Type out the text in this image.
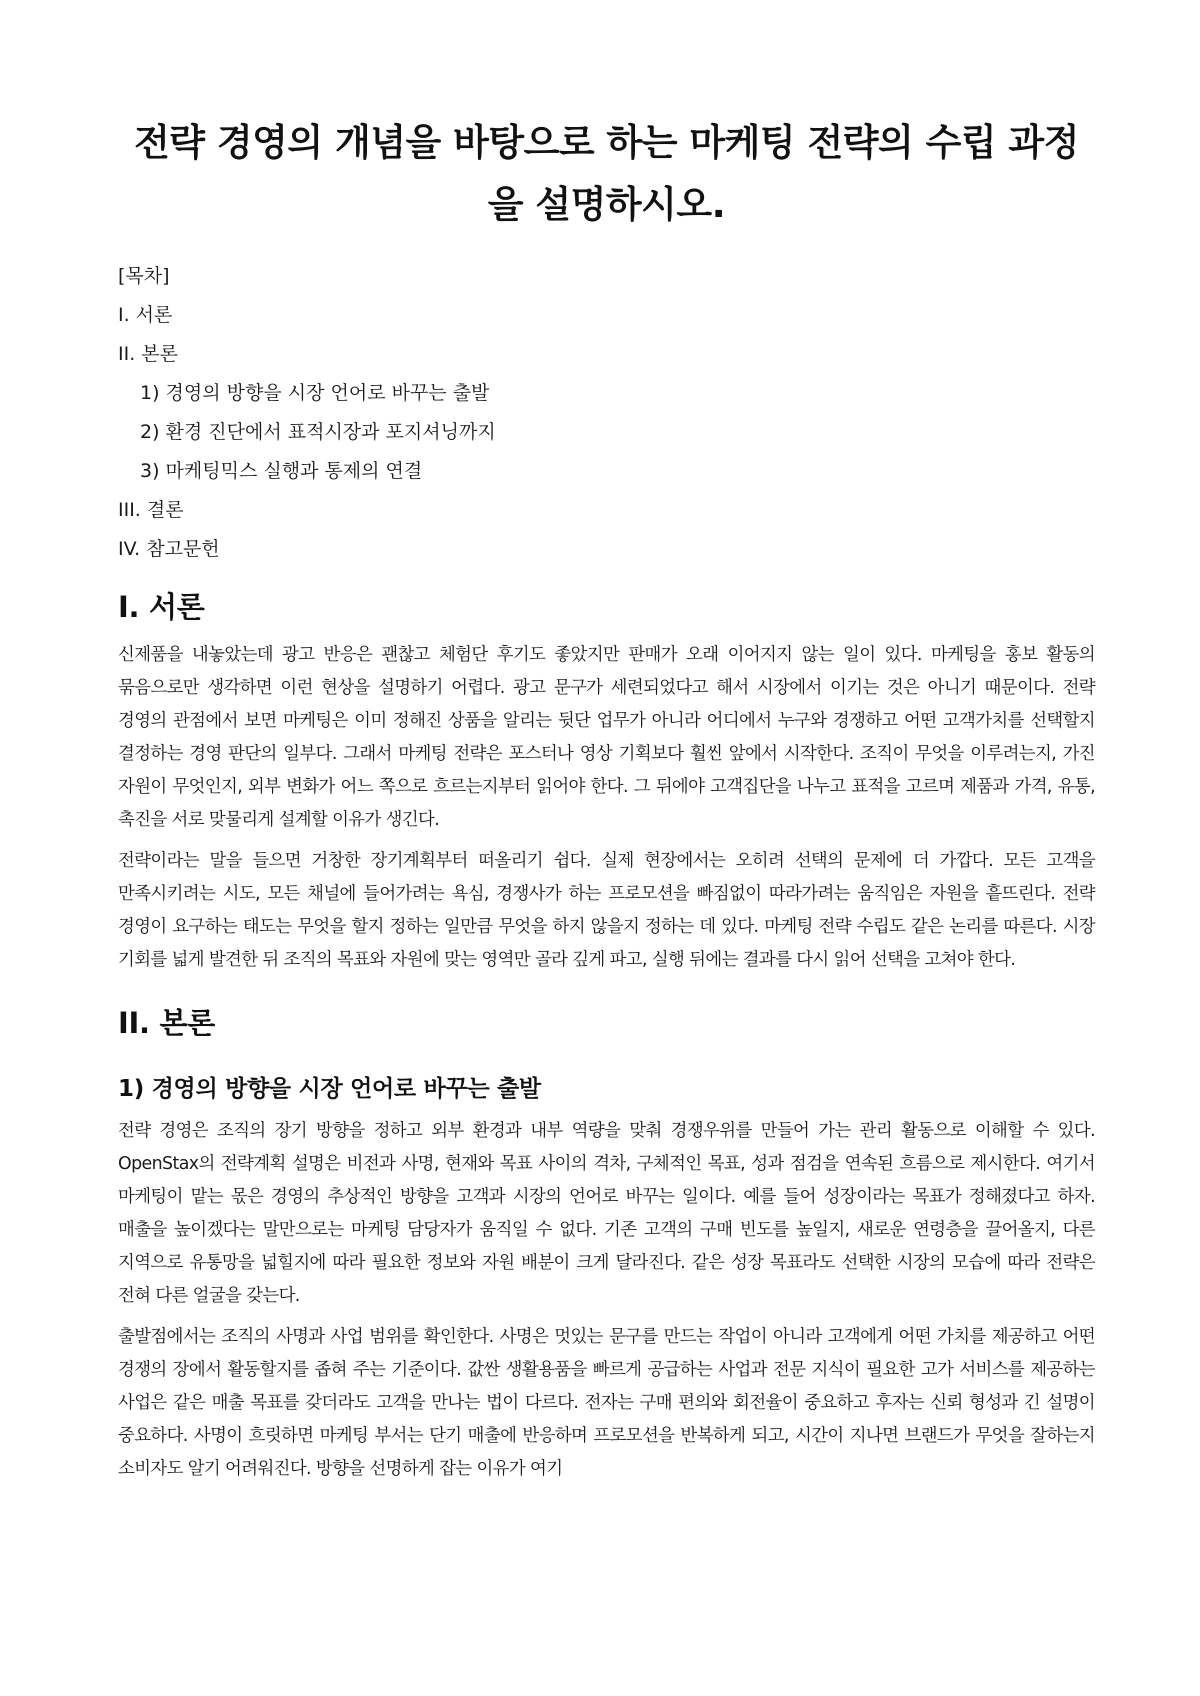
전략 경영의 개념을 바탕으로 하는 마케팅 전략의 수립 과정을 설명하시오.
[목차]
I. 서론
II. 본론
1) 경영의 방향을 시장 언어로 바꾸는 출발
2) 환경 진단에서 표적시장과 포지셔닝까지
3) 마케팅믹스 실행과 통제의 연결
III. 결론
IV. 참고문헌
I. 서론

신제품을 내놓았는데 광고 반응은 괜찮고 체험단 후기도 좋았지만 판매가 오래 이어지지 않는 일이 있다. 마케팅을 홍보 활동의 묶음으로만 생각하면 이런 현상을 설명하기 어렵다. 광고 문구가 세련되었다고 해서 시장에서 이기는 것은 아니기 때문이다. 전략 경영의 관점에서 보면 마케팅은 이미 정해진 상품을 알리는 뒷단 업무가 아니라 어디에서 누구와 경쟁하고 어떤 고객가치를 선택할지 결정하는 경영 판단의 일부다. 그래서 마케팅 전략은 포스터나 영상 기획보다 훨씬 앞에서 시작한다. 조직이 무엇을 이루려는지, 가진 자원이 무엇인지, 외부 변화가 어느 쪽으로 흐르는지부터 읽어야 한다. 그 뒤에야 고객집단을 나누고 표적을 고르며 제품과 가격, 유통, 촉진을 서로 맞물리게 설계할 이유가 생긴다.

전략이라는 말을 들으면 거창한 장기계획부터 떠올리기 쉽다. 실제 현장에서는 오히려 선택의 문제에 더 가깝다. 모든 고객을 만족시키려는 시도, 모든 채널에 들어가려는 욕심, 경쟁사가 하는 프로모션을 빠짐없이 따라가려는 움직임은 자원을 흩뜨린다. 전략 경영이 요구하는 태도는 무엇을 할지 정하는 일만큼 무엇을 하지 않을지 정하는 데 있다. 마케팅 전략 수립도 같은 논리를 따른다. 시장 기회를 넓게 발견한 뒤 조직의 목표와 자원에 맞는 영역만 골라 깊게 파고, 실행 뒤에는 결과를 다시 읽어 선택을 고쳐야 한다.

II. 본론
1) 경영의 방향을 시장 언어로 바꾸는 출발

전략 경영은 조직의 장기 방향을 정하고 외부 환경과 내부 역량을 맞춰 경쟁우위를 만들어 가는 관리 활동으로 이해할 수 있다. OpenStax의 전략계획 설명은 비전과 사명, 현재와 목표 사이의 격차, 구체적인 목표, 성과 점검을 연속된 흐름으로 제시한다. 여기서 마케팅이 맡는 몫은 경영의 추상적인 방향을 고객과 시장의 언어로 바꾸는 일이다. 예를 들어 성장이라는 목표가 정해졌다고 하자. 매출을 높이겠다는 말만으로는 마케팅 담당자가 움직일 수 없다. 기존 고객의 구매 빈도를 높일지, 새로운 연령층을 끌어올지, 다른 지역으로 유통망을 넓힐지에 따라 필요한 정보와 자원 배분이 크게 달라진다. 같은 성장 목표라도 선택한 시장의 모습에 따라 전략은 전혀 다른 얼굴을 갖는다.

출발점에서는 조직의 사명과 사업 범위를 확인한다. 사명은 멋있는 문구를 만드는 작업이 아니라 고객에게 어떤 가치를 제공하고 어떤 경쟁의 장에서 활동할지를 좁혀 주는 기준이다. 값싼 생활용품을 빠르게 공급하는 사업과 전문 지식이 필요한 고가 서비스를 제공하는 사업은 같은 매출 목표를 갖더라도 고객을 만나는 법이 다르다. 전자는 구매 편의와 회전율이 중요하고 후자는 신뢰 형성과 긴 설명이 중요하다. 사명이 흐릿하면 마케팅 부서는 단기 매출에 반응하며 프로모션을 반복하게 되고, 시간이 지나면 브랜드가 무엇을 잘하는지 소비자도 알기 어려워진다. 방향을 선명하게 잡는 이유가 여기
